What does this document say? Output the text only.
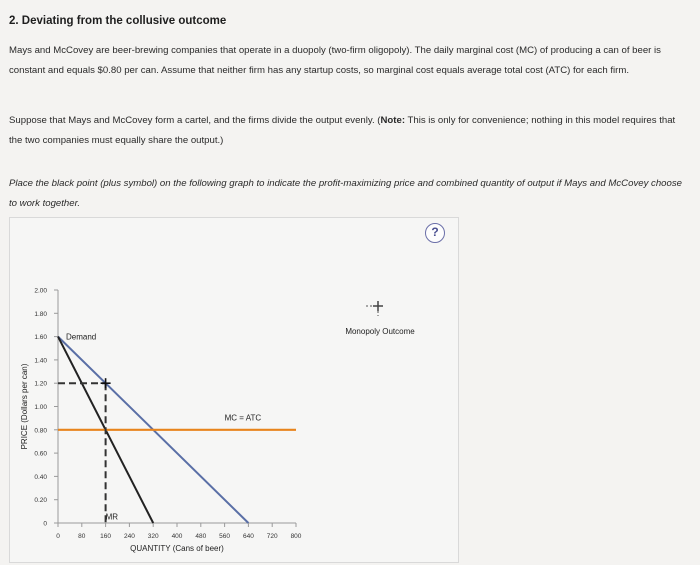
2. Deviating from the collusive outcome
Mays and McCovey are beer-brewing companies that operate in a duopoly (two-firm oligopoly). The daily marginal cost (MC) of producing a can of beer is constant and equals $0.80 per can. Assume that neither firm has any startup costs, so marginal cost equals average total cost (ATC) for each firm.
Suppose that Mays and McCovey form a cartel, and the firms divide the output evenly. (Note: This is only for convenience; nothing in this model requires that the two companies must equally share the output.)
Place the black point (plus symbol) on the following graph to indicate the profit-maximizing price and combined quantity of output if Mays and McCovey choose to work together.
?
0	80 160 240 320 400 480 560 640 720 800
0
0.20
0.40
0.60
0.80
1.00
1.20
1.40
1.60
1.80
2.00
Demand
MR
MC = ATC
PRICE (Dollars per can)
QUANTITY (Cans of beer)
Monopoly Outcome
